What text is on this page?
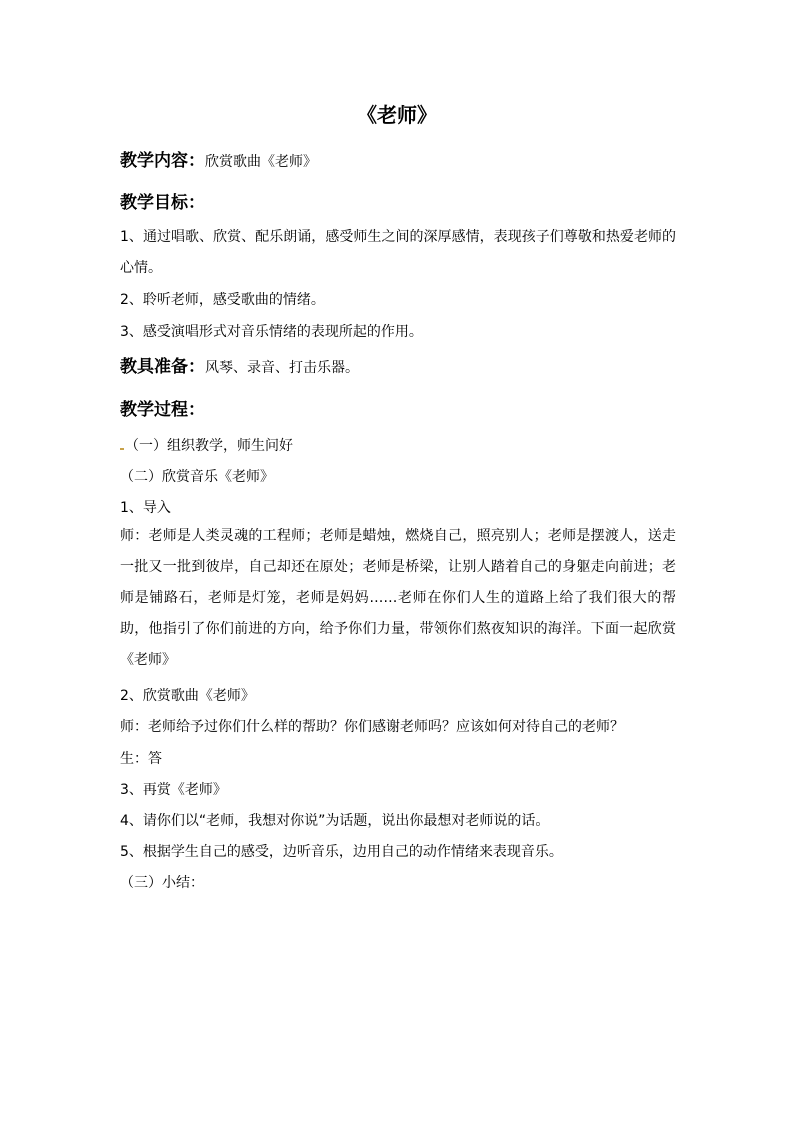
《老师》
教学内容：欣赏歌曲《老师》
教学目标：
1、通过唱歌、欣赏、配乐朗诵，感受师生之间的深厚感情，表现孩子们尊敬和热爱老师的心情。
2、聆听老师，感受歌曲的情绪。
3、感受演唱形式对音乐情绪的表现所起的作用。
教具准备：风琴、录音、打击乐器。
教学过程：
（一）组织教学，师生问好
（二）欣赏音乐《老师》
1、导入
师：老师是人类灵魂的工程师；老师是蜡烛，燃烧自己，照亮别人；老师是摆渡人，送走一批又一批到彼岸，自己却还在原处；老师是桥梁，让别人踏着自己的身躯走向前进；老师是铺路石，老师是灯笼，老师是妈妈……老师在你们人生的道路上给了我们很大的帮助，他指引了你们前进的方向，给予你们力量，带领你们熬夜知识的海洋。下面一起欣赏《老师》
2、欣赏歌曲《老师》
师：老师给予过你们什么样的帮助？你们感谢老师吗？应该如何对待自己的老师？
生：答
3、再赏《老师》
4、请你们以“老师，我想对你说”为话题，说出你最想对老师说的话。
5、根据学生自己的感受，边听音乐，边用自己的动作情绪来表现音乐。
（三）小结：
